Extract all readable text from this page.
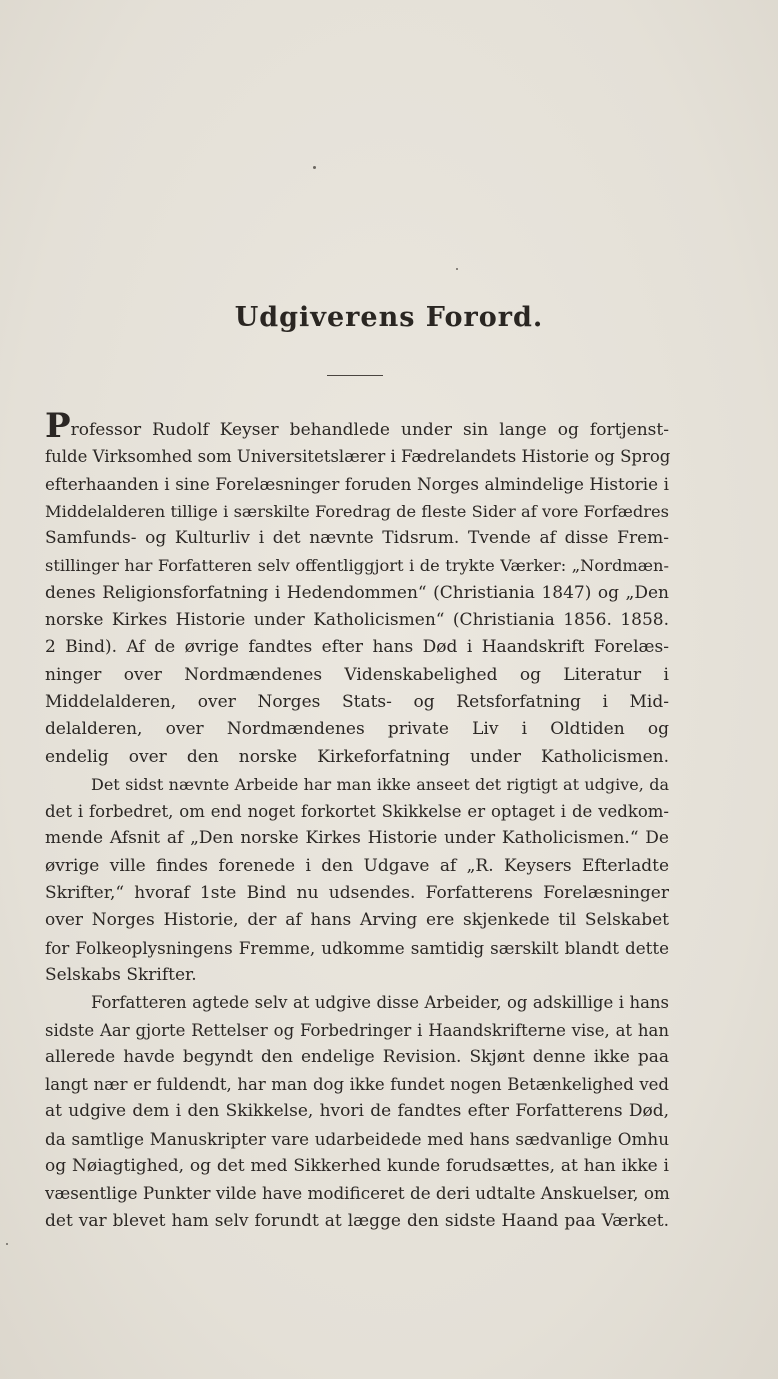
Udgiverens Forord.
Professor Rudolf Keyser behandlede under sin lange og fortjenst-
fulde Virksomhed som Universitetslærer i Fædrelandets Historie og Sprog
efterhaanden i sine Forelæsninger foruden Norges almindelige Historie i
Middelalderen tillige i særskilte Foredrag de fleste Sider af vore Forfædres
Samfunds- og Kulturliv i det nævnte Tidsrum. Tvende af disse Frem-
stillinger har Forfatteren selv offentliggjort i de trykte Værker: „Nordmæn-
denes Religionsforfatning i Hedendommen“ (Christiania 1847) og „Den
norske Kirkes Historie under Katholicismen“ (Christiania 1856. 1858.
2 Bind). Af de øvrige fandtes efter hans Død i Haandskrift Forelæs-
ninger over Nordmændenes Videnskabelighed og Literatur i
Middelalderen, over Norges Stats- og Retsforfatning i Mid-
delalderen, over Nordmændenes private Liv i Oldtiden og
endelig over den norske Kirkeforfatning under Katholicismen.
Det sidst nævnte Arbeide har man ikke anseet det rigtigt at udgive, da
det i forbedret, om end noget forkortet Skikkelse er optaget i de vedkom-
mende Afsnit af „Den norske Kirkes Historie under Katholicismen.“ De
øvrige ville findes forenede i den Udgave af „R. Keysers Efterladte
Skrifter,“ hvoraf 1ste Bind nu udsendes. Forfatterens Forelæsninger
over Norges Historie, der af hans Arving ere skjenkede til Selskabet
for Folkeoplysningens Fremme, udkomme samtidig særskilt blandt dette
Selskabs Skrifter.
Forfatteren agtede selv at udgive disse Arbeider, og adskillige i hans
sidste Aar gjorte Rettelser og Forbedringer i Haandskrifterne vise, at han
allerede havde begyndt den endelige Revision. Skjønt denne ikke paa
langt nær er fuldendt, har man dog ikke fundet nogen Betænkelighed ved
at udgive dem i den Skikkelse, hvori de fandtes efter Forfatterens Død,
da samtlige Manuskripter vare udarbeidede med hans sædvanlige Omhu
og Nøiagtighed, og det med Sikkerhed kunde forudsættes, at han ikke i
væsentlige Punkter vilde have modificeret de deri udtalte Anskuelser, om
det var blevet ham selv forundt at lægge den sidste Haand paa Værket.
